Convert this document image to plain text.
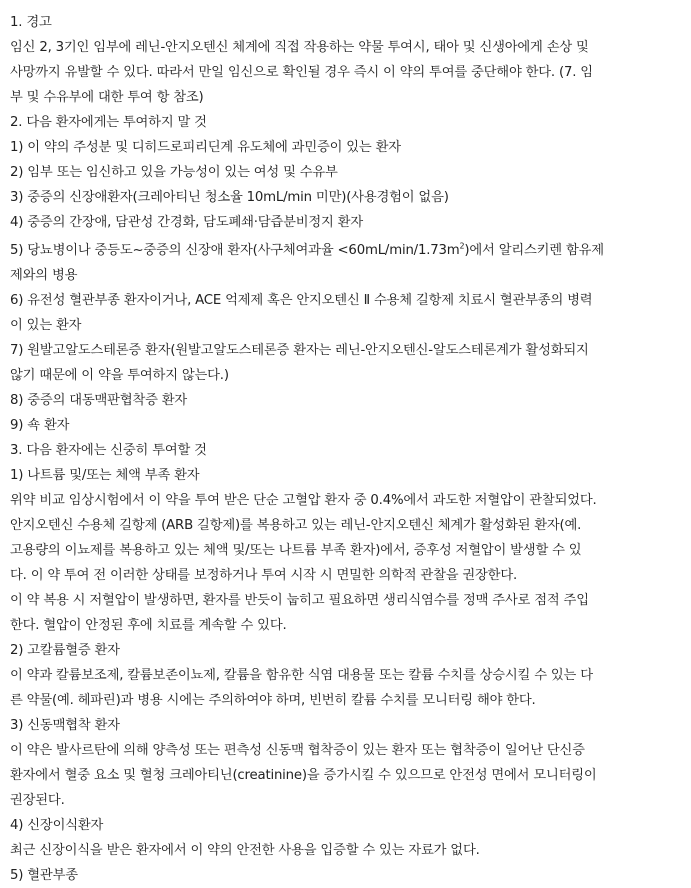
1. 경고
임신 2, 3기인 임부에 레닌-안지오텐신 체계에 직접 작용하는 약물 투여시, 태아 및 신생아에게 손상 및
사망까지 유발할 수 있다. 따라서 만일 임신으로 확인될 경우 즉시 이 약의 투여를 중단해야 한다. (7. 임
부 및 수유부에 대한 투여 항 참조)
2. 다음 환자에게는 투여하지 말 것
1) 이 약의 주성분 및 디히드로피리딘계 유도체에 과민증이 있는 환자
2) 임부 또는 임신하고 있을 가능성이 있는 여성 및 수유부
3) 중증의 신장애환자(크레아티닌 청소율 10mL/min 미만)(사용경험이 없음)
4) 중증의 간장애, 담관성 간경화, 담도폐쇄·담즙분비정지 환자
5) 당뇨병이나 중등도~중증의 신장애 환자(사구체여과율 $<60mL/\min/1.73m^2$)에서 알리스키렌 함유제
제와의 병용
6) 유전성 혈관부종 환자이거나, ACE 억제제 혹은 안지오텐신 Ⅱ 수용체 길항제 치료시 혈관부종의 병력
이 있는 환자
7) 원발고알도스테론증 환자(원발고알도스테론증 환자는 레닌-안지오텐신-알도스테론계가 활성화되지
않기 때문에 이 약을 투여하지 않는다.)
8) 중증의 대동맥판협착증 환자
9) 쇽 환자
3. 다음 환자에는 신중히 투여할 것
1) 나트륨 및/또는 체액 부족 환자
위약 비교 임상시험에서 이 약을 투여 받은 단순 고혈압 환자 중 0.4%에서 과도한 저혈압이 관찰되었다.
안지오텐신 수용체 길항제 (ARB 길항제)를 복용하고 있는 레닌-안지오텐신 체계가 활성화된 환자(예.
고용량의 이뇨제를 복용하고 있는 체액 및/또는 나트륨 부족 환자)에서, 증후성 저혈압이 발생할 수 있
다. 이 약 투여 전 이러한 상태를 보정하거나 투여 시작 시 면밀한 의학적 관찰을 권장한다.
이 약 복용 시 저혈압이 발생하면, 환자를 반듯이 눕히고 필요하면 생리식염수를 정맥 주사로 점적 주입
한다. 혈압이 안정된 후에 치료를 계속할 수 있다.
2) 고칼륨혈증 환자
이 약과 칼륨보조제, 칼륨보존이뇨제, 칼륨을 함유한 식염 대용물 또는 칼륨 수치를 상승시킬 수 있는 다
른 약물(예. 헤파린)과 병용 시에는 주의하여야 하며, 빈번히 칼륨 수치를 모니터링 해야 한다.
3) 신동맥협착 환자
이 약은 발사르탄에 의해 양측성 또는 편측성 신동맥 협착증이 있는 환자 또는 협착증이 일어난 단신증
환자에서 혈중 요소 및 혈청 크레아티닌(creatinine)을 증가시킬 수 있으므로 안전성 면에서 모니터링이
권장된다.
4) 신장이식환자
최근 신장이식을 받은 환자에서 이 약의 안전한 사용을 입증할 수 있는 자료가 없다.
5) 혈관부종
